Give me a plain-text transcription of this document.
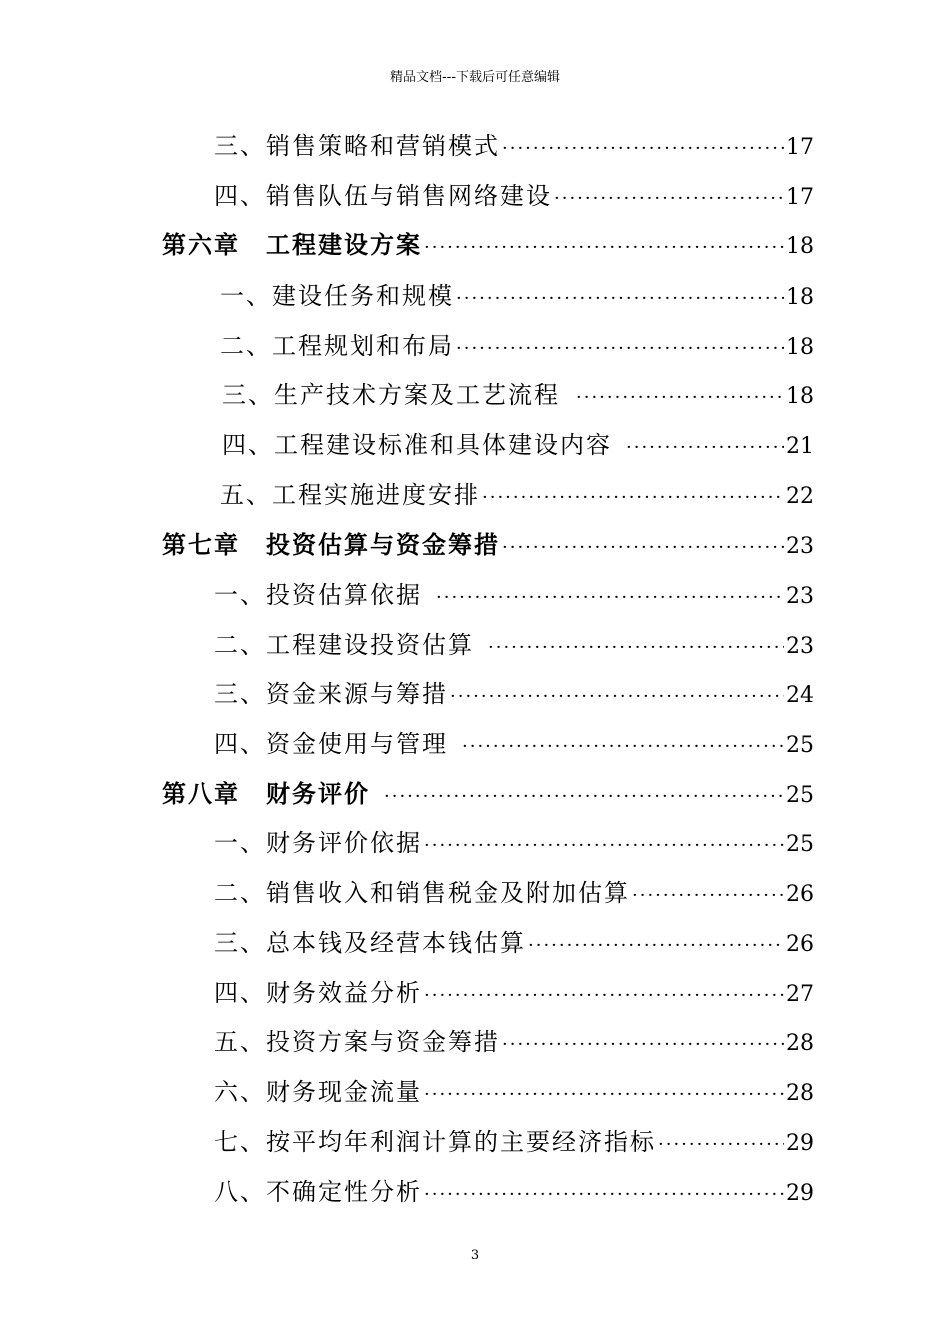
精品文档---下载后可任意编辑
三、销售策略和营销模式 ·····	17
四、销售队伍与销售网络建设 ·····	17
第六章　工程建设方案 ·····	18
一、建设任务和规模 ·····	18
二、工程规划和布局 ·····	18
三、生产技术方案及工艺流程 ·····	18
四、工程建设标准和具体建设内容 ·····	21
五、工程实施进度安排 ·····	22
第七章　投资估算与资金筹措 ·····	23
一、投资估算依据 ·····	23
二、工程建设投资估算 ·····	23
三、资金来源与筹措 ·····	24
四、资金使用与管理 ·····	25
第八章　财务评价 ·····	25
一、财务评价依据 ·····	25
二、销售收入和销售税金及附加估算 ·····	26
三、总本钱及经营本钱估算 ·····	26
四、财务效益分析 ·····	27
五、投资方案与资金筹措 ·····	28
六、财务现金流量 ·····	28
七、按平均年利润计算的主要经济指标 ·····	29
八、不确定性分析 ·····	29
3
